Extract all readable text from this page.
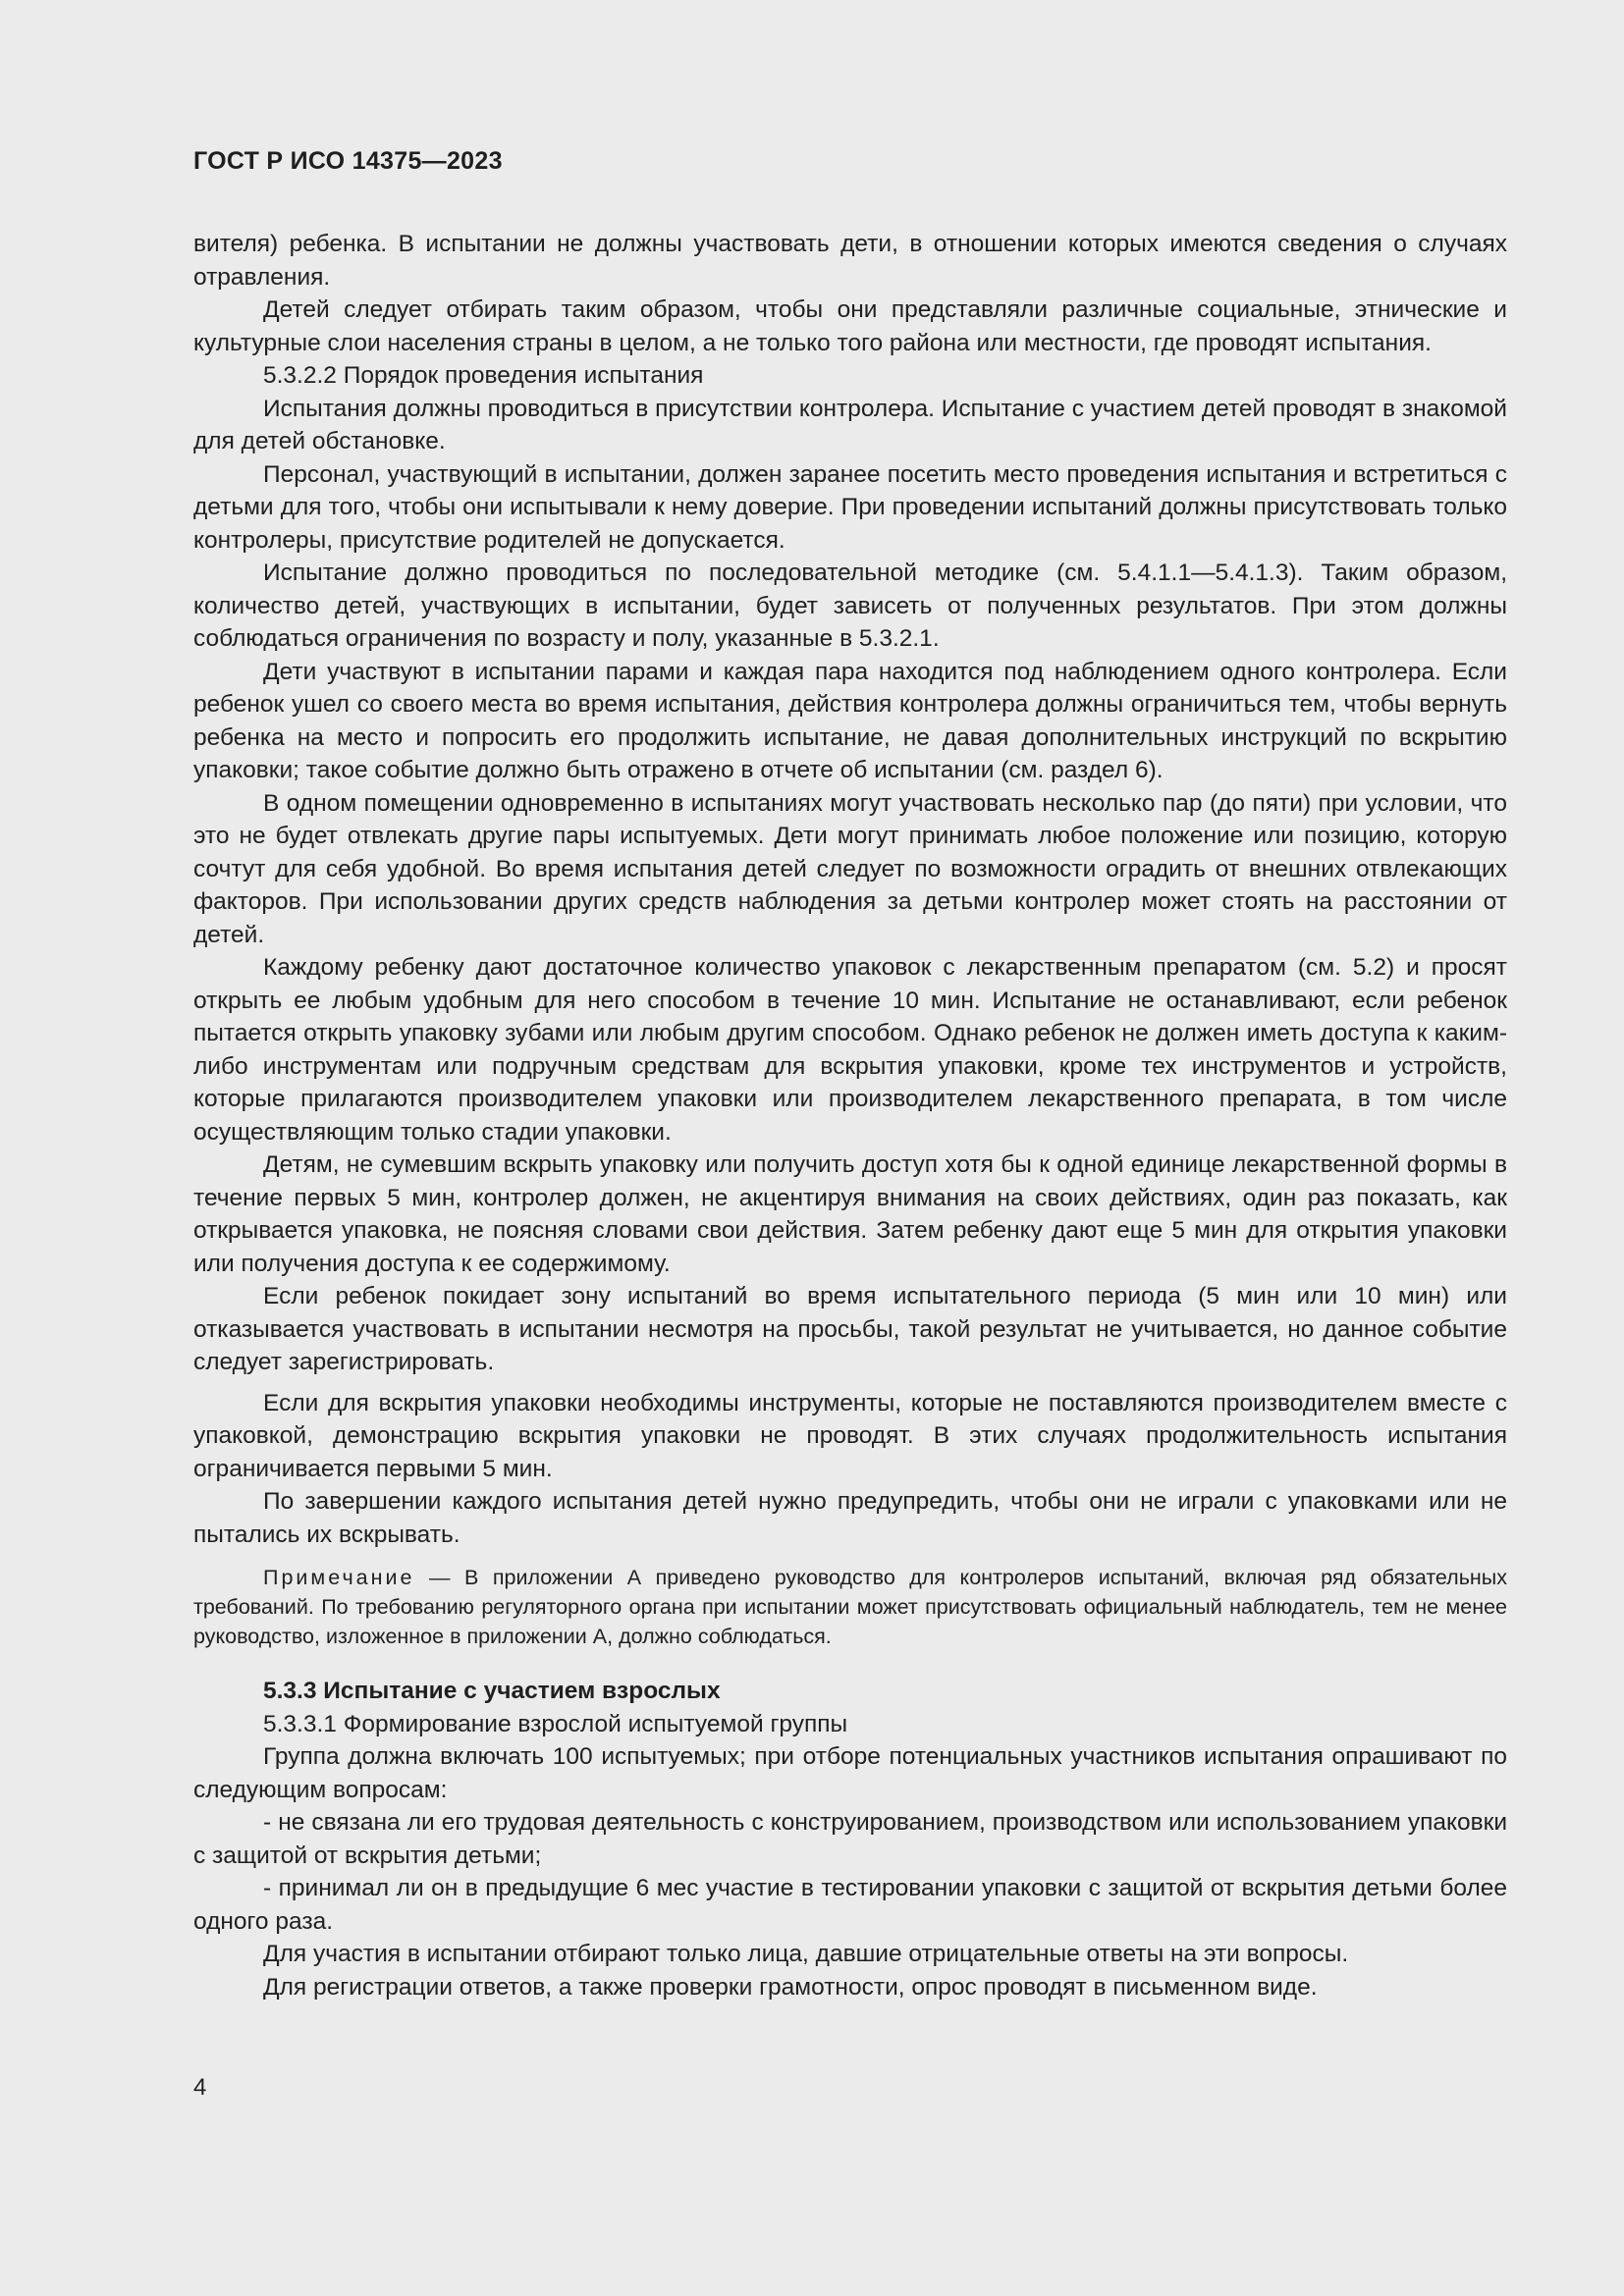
ГОСТ Р ИСО 14375—2023

вителя) ребенка. В испытании не должны участвовать дети, в отношении которых имеются сведения о случаях отравления.

Детей следует отбирать таким образом, чтобы они представляли различные социальные, этнические и культурные слои населения страны в целом, а не только того района или местности, где проводят испытания.

5.3.2.2 Порядок проведения испытания

Испытания должны проводиться в присутствии контролера. Испытание с участием детей проводят в знакомой для детей обстановке.

Персонал, участвующий в испытании, должен заранее посетить место проведения испытания и встретиться с детьми для того, чтобы они испытывали к нему доверие. При проведении испытаний должны присутствовать только контролеры, присутствие родителей не допускается.

Испытание должно проводиться по последовательной методике (см. 5.4.1.1—5.4.1.3). Таким образом, количество детей, участвующих в испытании, будет зависеть от полученных результатов. При этом должны соблюдаться ограничения по возрасту и полу, указанные в 5.3.2.1.

Дети участвуют в испытании парами и каждая пара находится под наблюдением одного контролера. Если ребенок ушел со своего места во время испытания, действия контролера должны ограничиться тем, чтобы вернуть ребенка на место и попросить его продолжить испытание, не давая дополнительных инструкций по вскрытию упаковки; такое событие должно быть отражено в отчете об испытании (см. раздел 6).

В одном помещении одновременно в испытаниях могут участвовать несколько пар (до пяти) при условии, что это не будет отвлекать другие пары испытуемых. Дети могут принимать любое положение или позицию, которую сочтут для себя удобной. Во время испытания детей следует по возможности оградить от внешних отвлекающих факторов. При использовании других средств наблюдения за детьми контролер может стоять на расстоянии от детей.

Каждому ребенку дают достаточное количество упаковок с лекарственным препаратом (см. 5.2) и просят открыть ее любым удобным для него способом в течение 10 мин. Испытание не останавливают, если ребенок пытается открыть упаковку зубами или любым другим способом. Однако ребенок не должен иметь доступа к каким-либо инструментам или подручным средствам для вскрытия упаковки, кроме тех инструментов и устройств, которые прилагаются производителем упаковки или производителем лекарственного препарата, в том числе осуществляющим только стадии упаковки.

Детям, не сумевшим вскрыть упаковку или получить доступ хотя бы к одной единице лекарственной формы в течение первых 5 мин, контролер должен, не акцентируя внимания на своих действиях, один раз показать, как открывается упаковка, не поясняя словами свои действия. Затем ребенку дают еще 5 мин для открытия упаковки или получения доступа к ее содержимому.

Если ребенок покидает зону испытаний во время испытательного периода (5 мин или 10 мин) или отказывается участвовать в испытании несмотря на просьбы, такой результат не учитывается, но данное событие следует зарегистрировать.

Если для вскрытия упаковки необходимы инструменты, которые не поставляются производителем вместе с упаковкой, демонстрацию вскрытия упаковки не проводят. В этих случаях продолжительность испытания ограничивается первыми 5 мин.

По завершении каждого испытания детей нужно предупредить, чтобы они не играли с упаковками или не пытались их вскрывать.

Примечание — В приложении А приведено руководство для контролеров испытаний, включая ряд обязательных требований. По требованию регуляторного органа при испытании может присутствовать официальный наблюдатель, тем не менее руководство, изложенное в приложении А, должно соблюдаться.

5.3.3 Испытание с участием взрослых

5.3.3.1 Формирование взрослой испытуемой группы

Группа должна включать 100 испытуемых; при отборе потенциальных участников испытания опрашивают по следующим вопросам:

- не связана ли его трудовая деятельность с конструированием, производством или использованием упаковки с защитой от вскрытия детьми;

- принимал ли он в предыдущие 6 мес участие в тестировании упаковки с защитой от вскрытия детьми более одного раза.

Для участия в испытании отбирают только лица, давшие отрицательные ответы на эти вопросы.

Для регистрации ответов, а также проверки грамотности, опрос проводят в письменном виде.

4
